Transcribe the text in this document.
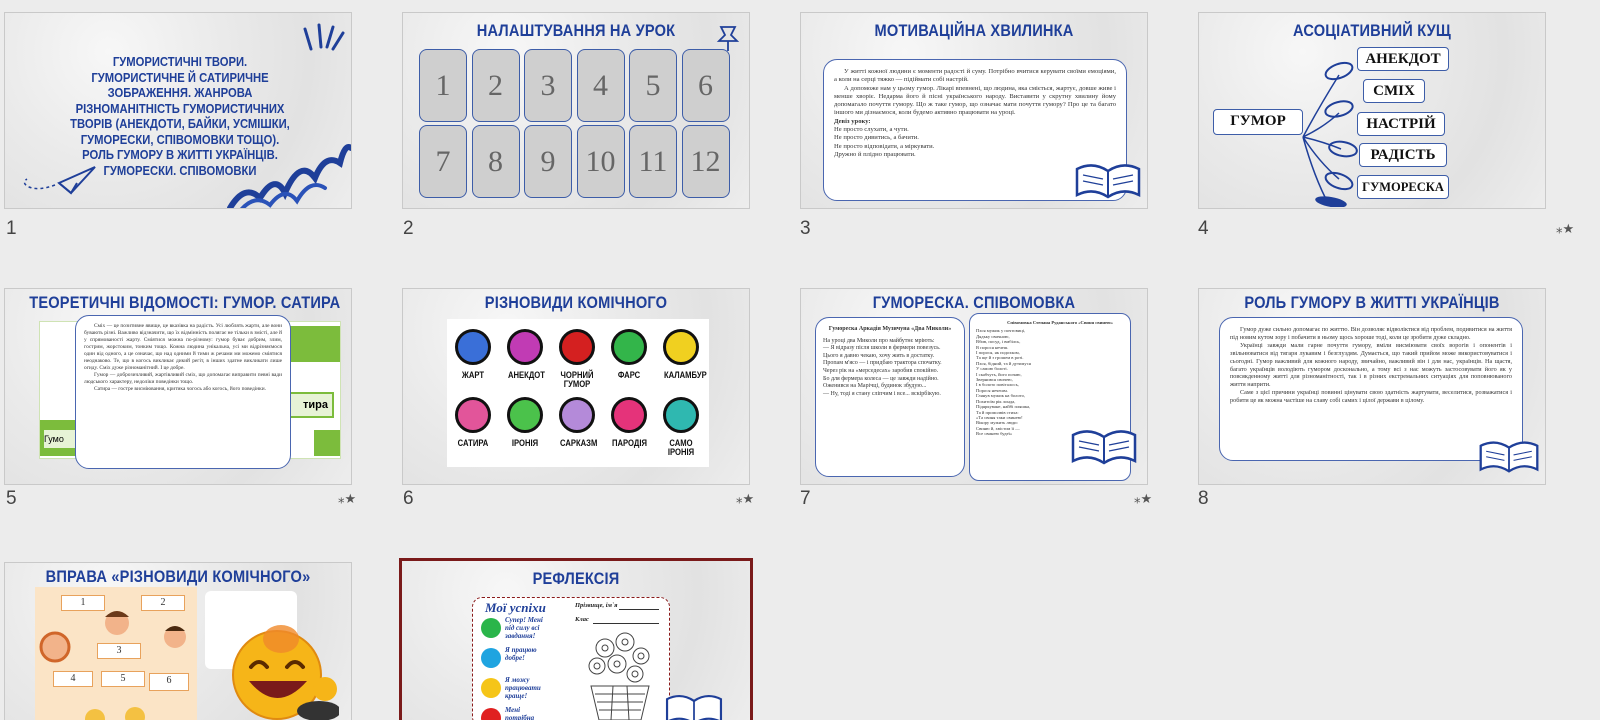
ГУМОРИСТИЧНІ ТВОРИ. ГУМОРИСТИЧНЕ Й САТИРИЧНЕ ЗОБРАЖЕННЯ. ЖАНРОВА РІЗНОМАНІТНІСТЬ ГУМОРИСТИЧНИХ ТВОРІВ (АНЕКДОТИ, БАЙКИ, УСМІШКИ, ГУМОРЕСКИ, СПІВОМОВКИ ТОЩО). РОЛЬ ГУМОРУ В ЖИТТІ УКРАЇНЦІВ. ГУМОРЕСКИ. СПІВОМОВКИ
1
НАЛАШТУВАННЯ НА УРОК
1	2	3	4	5	6
7	8	9	10 11 12
2
МОТИВАЦІЙНА ХВИЛИНКА

У житті кожної людини є моменти радості й суму. Потрібно вчитися керувати своїми емоціями, а коли на серці тяжко — підіймати собі настрій.

А допоможе нам у цьому гумор. Лікарі впевнені, що людина, яка сміється, жартує, довше живе і менше хворіє. Недарма його й пісні українського народу. Виставити у скрутну хвилину йому допомагало почуття гумору. Що ж таке гумор, що означає мати почуття гумору? Про це та багато іншого ми дізнаємося, коли будемо активно працювати на уроці.

Девіз уроку:
Не просто слухати, а чути.
Не просто дивитись, а бачити.
Не просто відповідати, а міркувати.
Дружно й плідно працювати.
3
АСОЦІАТИВНИЙ КУЩ
ГУМОР
АНЕКДОТ
СМІХ
НАСТРІЙ
РАДІСТЬ
ГУМОРЕСКА
4	⁎★
ТЕОРЕТИЧНІ ВІДОМОСТІ: ГУМОР. САТИРА
тира
Гумо

Сміх — це позитивне явище, це вказівка на радість. Усі люблять жарти, але вони бувають різні. Важливо відзначити, що їх відмінність полягає не тільки в змісті, але й у спрямованості жарту. Сміятися можна по-різному: гумор буває добрим, злим, гострим, жорстоким, тонким тощо. Кожна людина унікальна, усі ми відрізняємося один від одного, а це означає, що над одними й тими ж речами ми можемо сміятися неоднаково. Те, що в когось викликає дикий регіт, в інших здатне викликати лише огиду. Сміх дуже різноманітний. І це добре.

Гумор — доброзичливий, жартівливий сміх, що допомагає виправити певні вади людського характеру, недоліки поведінки тощо.

Сатира — гостре висміювання, критика чогось або когось, його поведінки.

5	⁎★
РІЗНОВИДИ КОМІЧНОГО
ЖАРТ	АНЕКДОТ ЧОРНИЙ ГУМОР
ФАРС	КАЛАМБУР
САТИРА	ІРОНІЯ	САРКАЗМ ПАРОДІЯ	САМО ІРОНІЯ
6	⁎★
ГУМОРЕСКА. СПІВОМОВКА
Гумореска Аркадія Музичуна «Два Миколи»
На уроці два Миколи про майбутнє мріють:
— Я відразу після школи в фермери повезусь.
Цього я давно чекаю, хочу жить в достатку.
Пропам м'ясо — і придбаю трактора спочатку.
Через рік на «мерседесах» заробив спокійно.
Бо для фермера колеса — це завжди надійно.
Оженився на Марічці, будинок збудую...
— Ну, тоді я стану сліпчим і все... вскірбікую.
Співомовка Степана Руданського «Свиня свинею»
Пхся мужик у почтовиці,
Дядьку свичною,
Вбив, посуд, і вмбілсь,
В порося нечеш.
І порося, як подохком,
Та ще й з грошем в роті.
Пхся, бідний, та й дутимуся
У самою болоті.
І скабчуть, його почаю,
Звернився свичею,
І в болото повіталось,
Порося нечешм.
Глянув мужик на болото,
Похитоїм рік лонда,
Підяркуване, найбі пляшка,
Та й промолвів стиха:
«Та свиня таки свинею!
Вікору мужить люди:
Свиню й, хвістом її —
Все свинею будеї»
7	⁎★
РОЛЬ ГУМОРУ В ЖИТТІ УКРАЇНЦІВ

Гумор дуже сильно допомагає по життю. Він дозволяє відволіктися від проблем, подивитися на життя під новим кутом зору і побачити в ньому щось хороше тоді, коли це зробити дуже складно.

Українці завжди мали гарне почуття гумору, вміли висміювати своїх ворогів і опонентів і звільнюватися від тягаря лукавим і безглуздям. Думається, що такий прийом може використовуватися і сьогодні. Гумор важливий для кожного народу, звичайно, важливий він і для нас, українців. На щастя, багато українців володіють гумором досконально, а тому всі з нас можуть застосовувати його як у повсякденному житті для різноманітності, так і в різних екстремальних ситуаціях для поповнюваного життя наприти.

Саме з цієї причини українці повинні цінувати свою здатність жартувати, веселитися, розважатися і робити це як можна частіше на славу собі самих і цілої держави в цілому.

8
ВПРАВА «РІЗНОВИДИ КОМІЧНОГО»
1	2
3
4	5	6
РЕФЛЕКСІЯ
Мої успіхи	Прізвище, ім`я
Клас
Супер! Мені під силу всі завдання!
Я працюю добре!
Я можу працювати краще!
Мені потрібна
